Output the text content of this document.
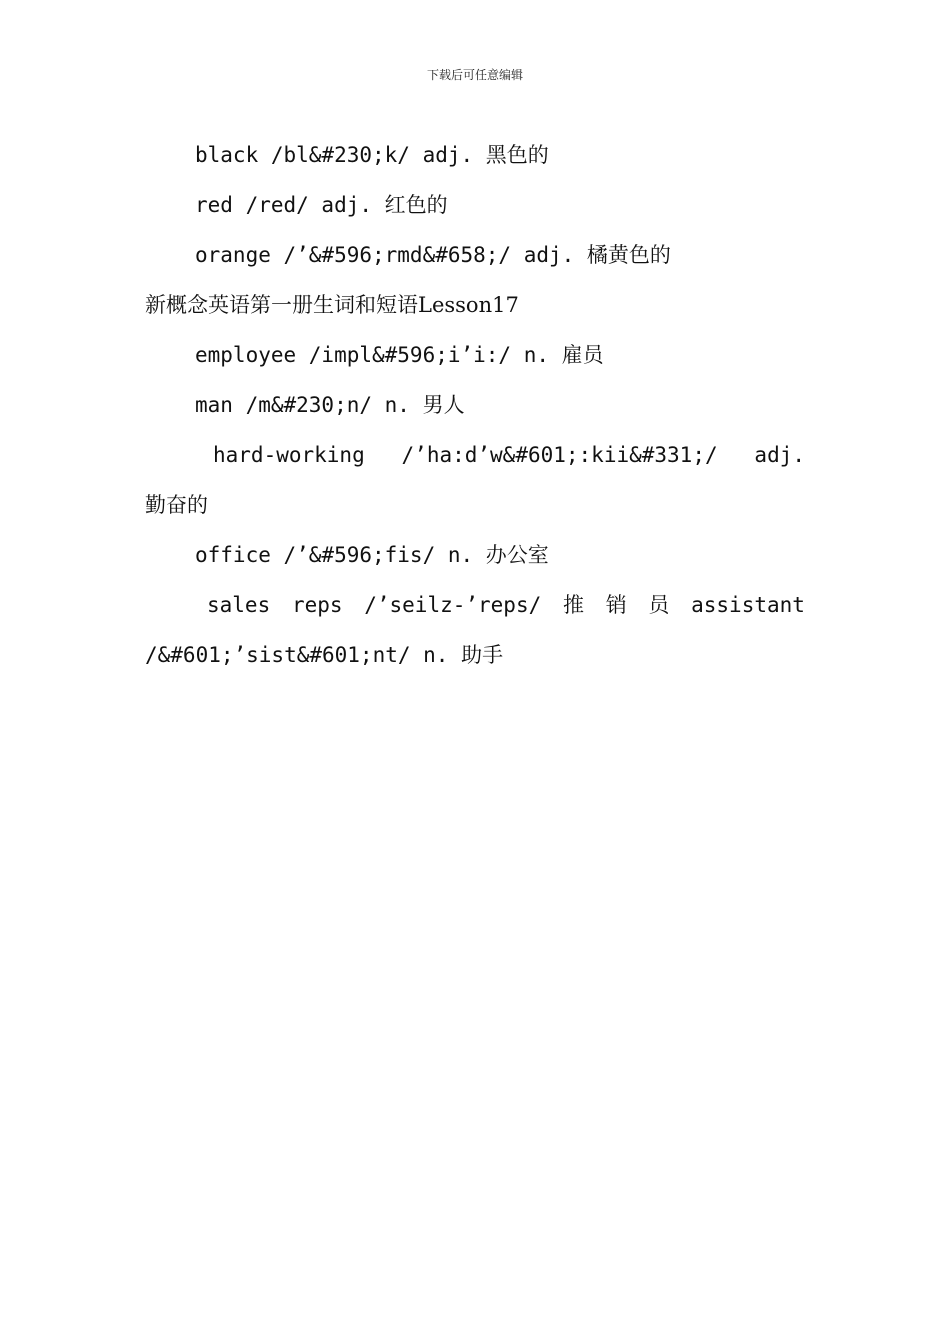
下载后可任意编辑
black /bl&#230;k/ adj. 黑色的
red /red/ adj. 红色的
orange /’&#596;rmd&#658;/ adj. 橘黄色的
新概念英语第一册生词和短语Lesson17
employee /impl&#596;i’i:/ n. 雇员
man /m&#230;n/ n. 男人
hard-working /’ha:d’w&#601;:kii&#331;/ adj.
勤奋的
office /’&#596;fis/ n. 办公室
sales reps /’seilz-’reps/ 推 销 员 assistant
/&#601;’sist&#601;nt/ n. 助手
